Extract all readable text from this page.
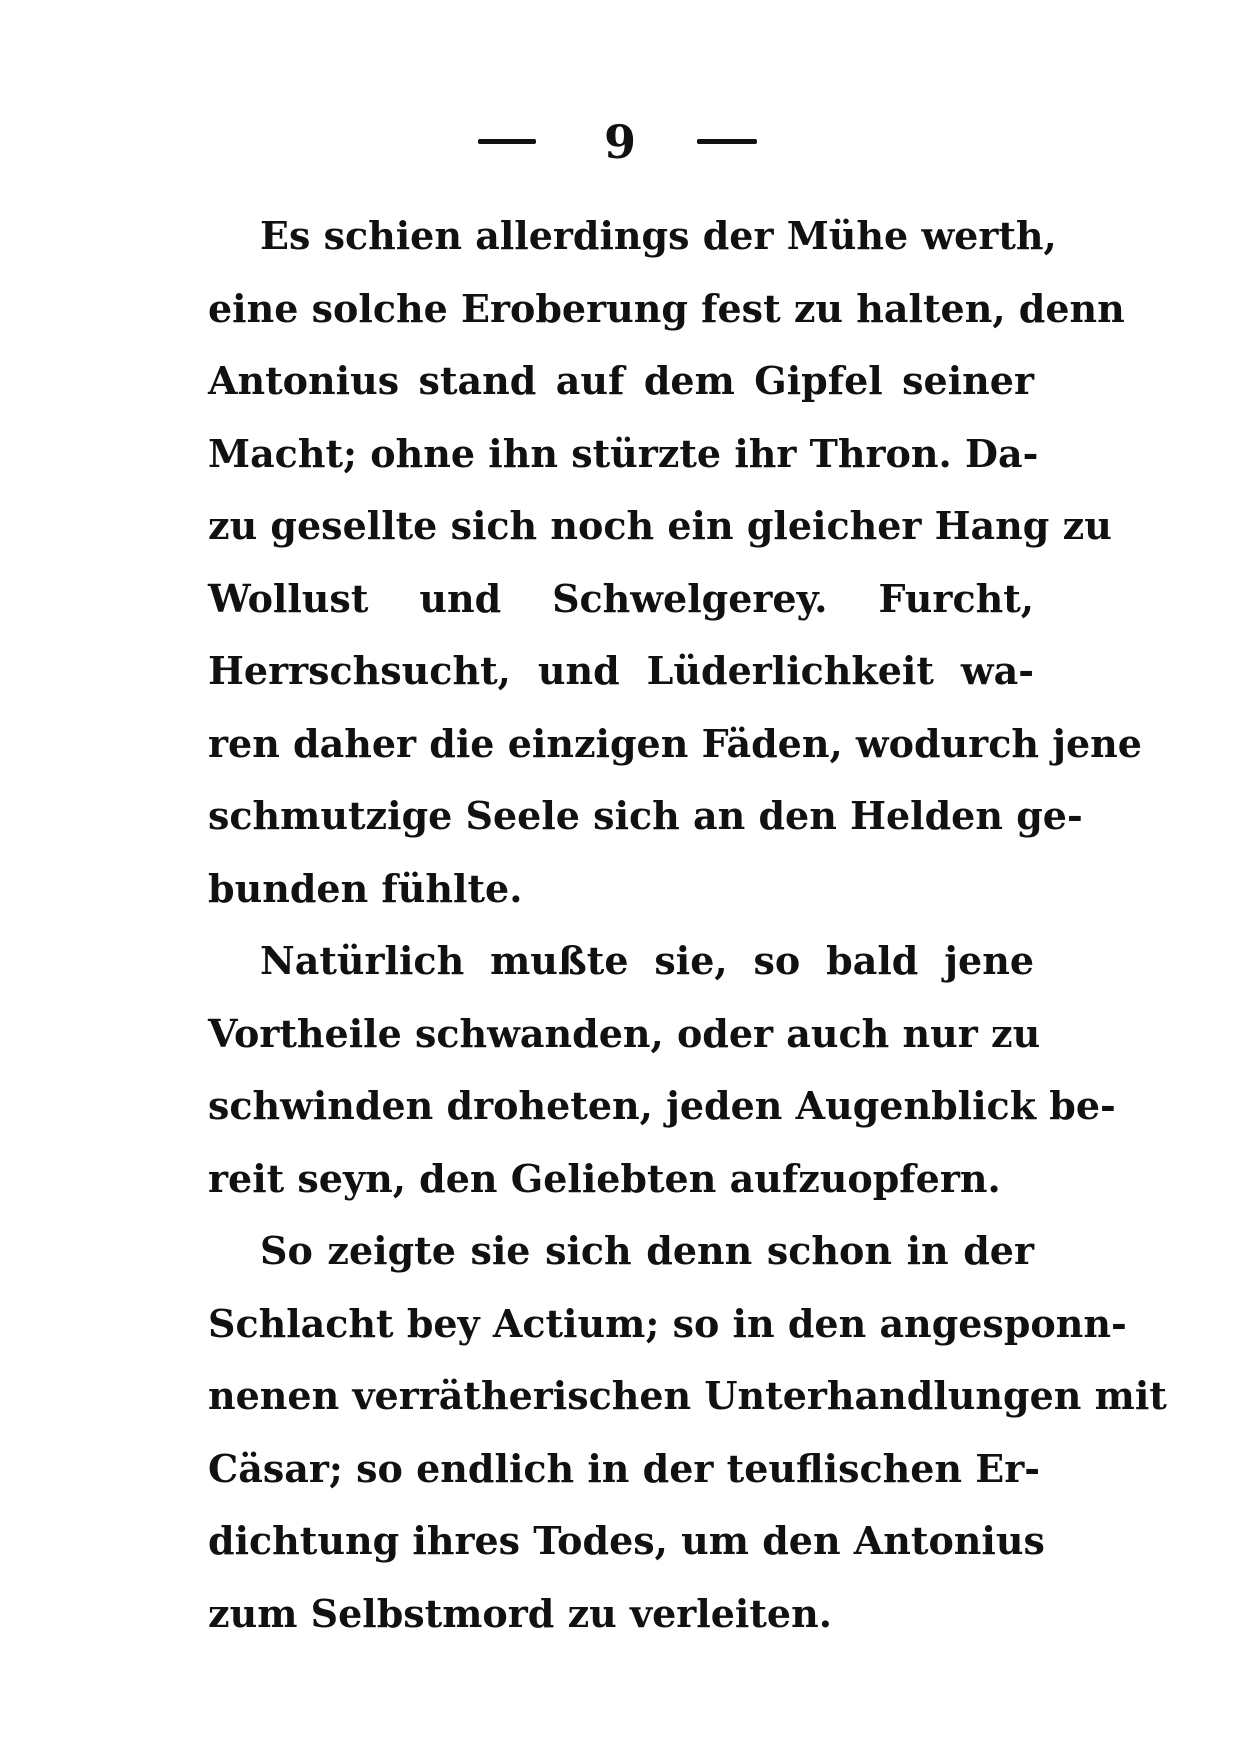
9
Es schien allerdings der Mühe werth,
eine solche Eroberung fest zu halten, denn
Antonius stand auf dem Gipfel seiner
Macht; ohne ihn stürzte ihr Thron. Da-
zu gesellte sich noch ein gleicher Hang zu
Wollust und Schwelgerey. Furcht,
Herrschsucht, und Lüderlichkeit wa-
ren daher die einzigen Fäden, wodurch jene
schmutzige Seele sich an den Helden ge-
bunden fühlte.
Natürlich mußte sie, so bald jene
Vortheile schwanden, oder auch nur zu
schwinden droheten, jeden Augenblick be-
reit seyn, den Geliebten aufzuopfern.
So zeigte sie sich denn schon in der
Schlacht bey Actium; so in den angesponn-
nenen verrätherischen Unterhandlungen mit
Cäsar; so endlich in der teuflischen Er-
dichtung ihres Todes, um den Antonius
zum Selbstmord zu verleiten.
